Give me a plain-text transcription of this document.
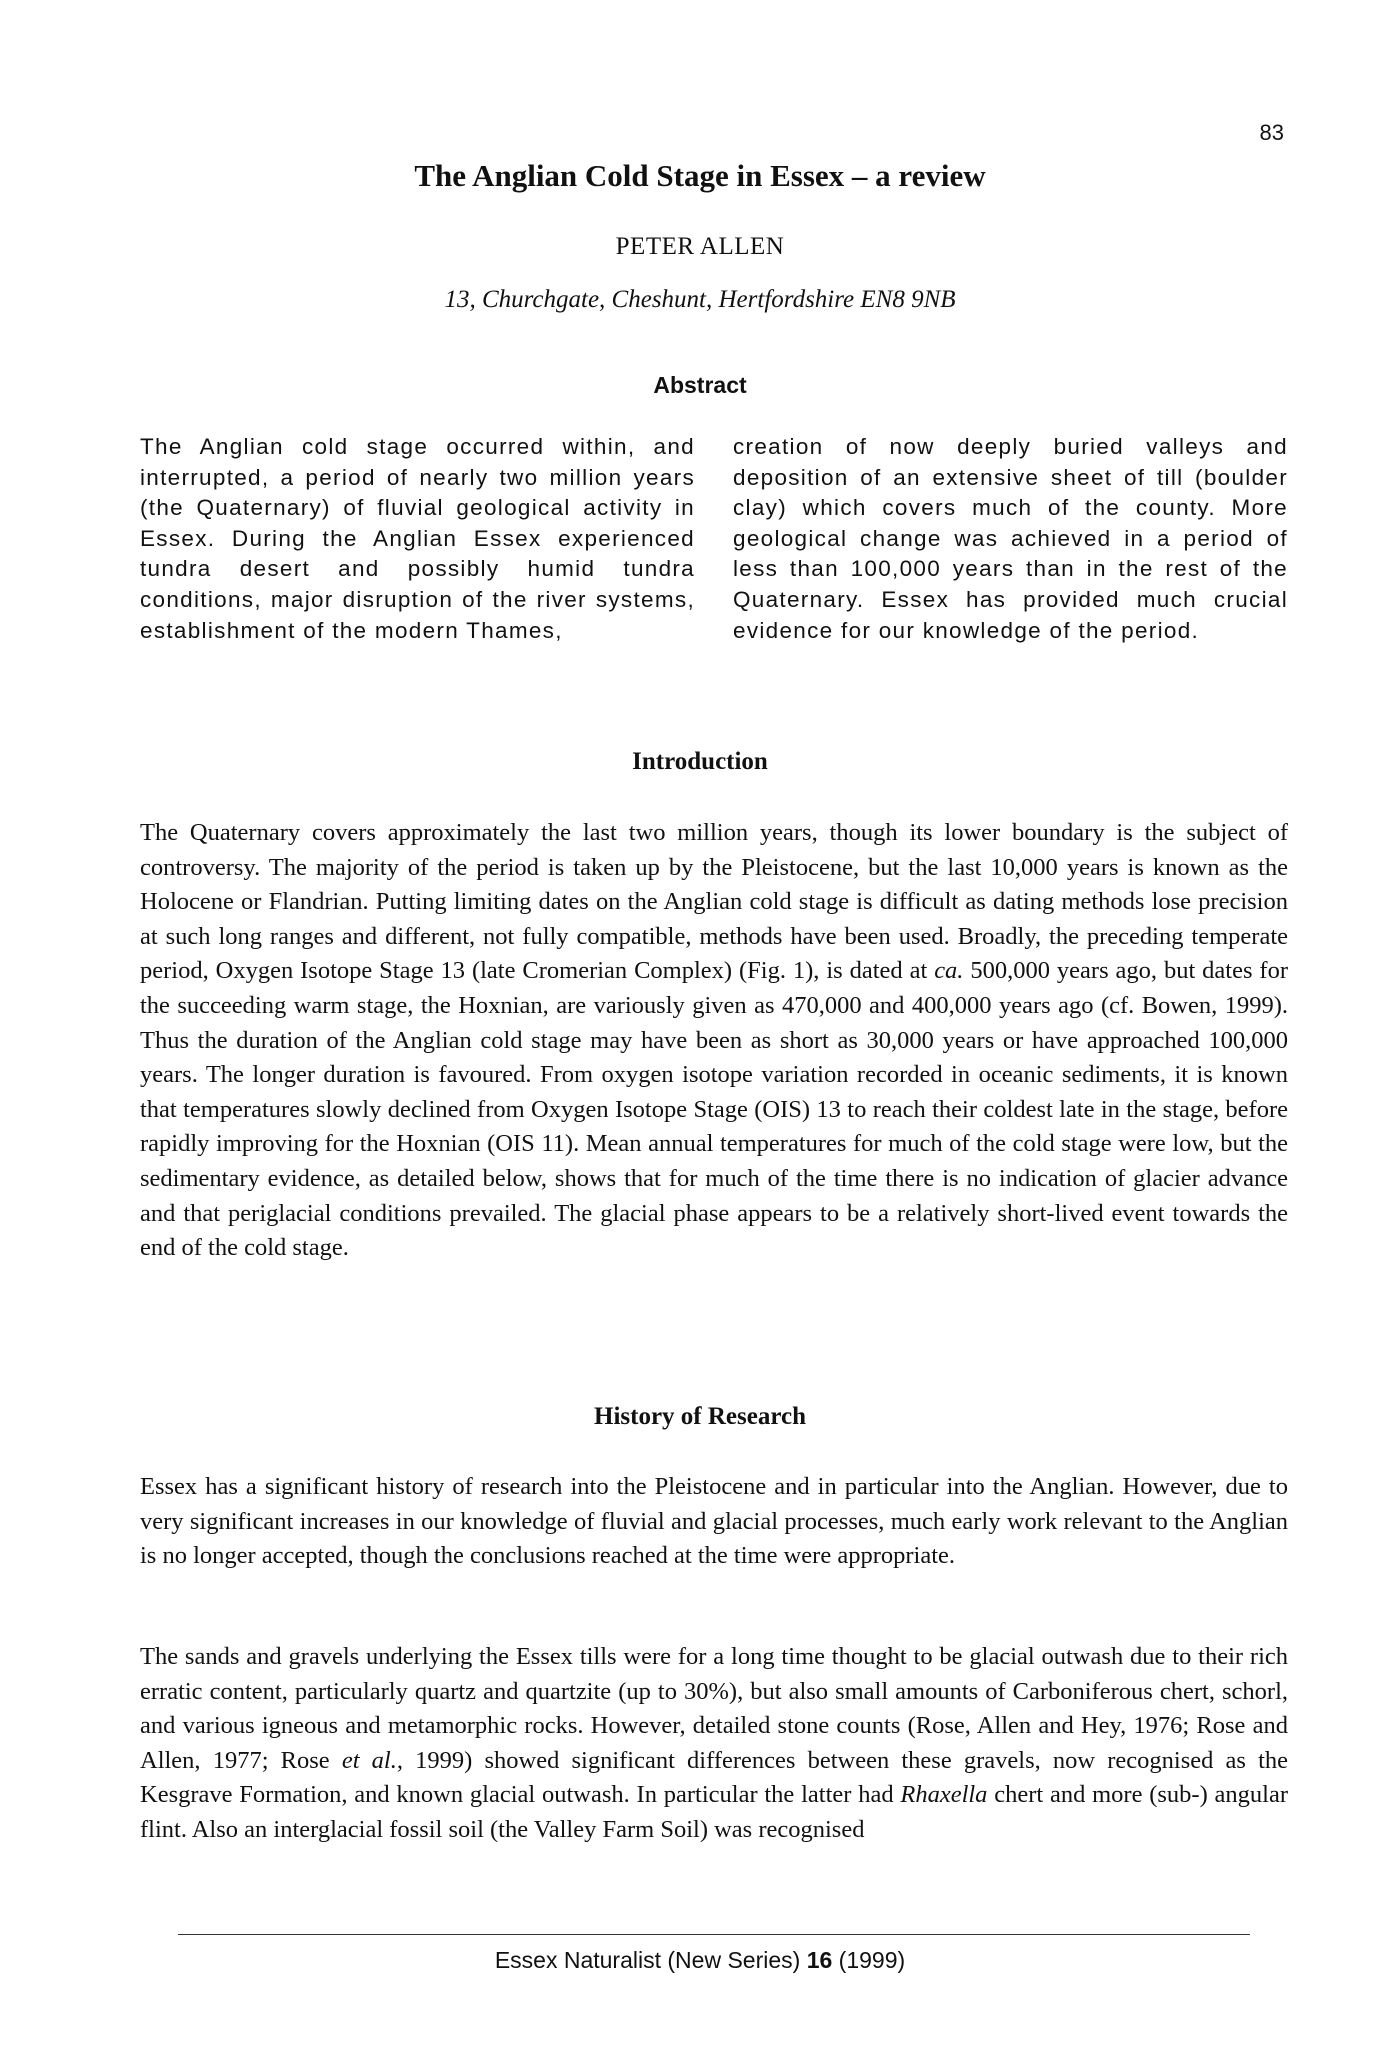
83
The Anglian Cold Stage in Essex – a review
PETER ALLEN
13, Churchgate, Cheshunt, Hertfordshire EN8 9NB
Abstract

The Anglian cold stage occurred within, and interrupted, a period of nearly two million years (the Quaternary) of fluvial geological activity in Essex. During the Anglian Essex experienced tundra desert and possibly humid tundra conditions, major disruption of the river systems, establishment of the modern Thames,

creation of now deeply buried valleys and deposition of an extensive sheet of till (boulder clay) which covers much of the county. More geological change was achieved in a period of less than 100,000 years than in the rest of the Quaternary. Essex has provided much crucial evidence for our knowledge of the period.

Introduction

The Quaternary covers approximately the last two million years, though its lower boundary is the subject of controversy. The majority of the period is taken up by the Pleistocene, but the last 10,000 years is known as the Holocene or Flandrian. Putting limiting dates on the Anglian cold stage is difficult as dating methods lose precision at such long ranges and different, not fully compatible, methods have been used. Broadly, the preceding temperate period, Oxygen Isotope Stage 13 (late Cromerian Complex) (Fig. 1), is dated at ca. 500,000 years ago, but dates for the succeeding warm stage, the Hoxnian, are variously given as 470,000 and 400,000 years ago (cf. Bowen, 1999). Thus the duration of the Anglian cold stage may have been as short as 30,000 years or have approached 100,000 years. The longer duration is favoured. From oxygen isotope variation recorded in oceanic sediments, it is known that temperatures slowly declined from Oxygen Isotope Stage (OIS) 13 to reach their coldest late in the stage, before rapidly improving for the Hoxnian (OIS 11). Mean annual temperatures for much of the cold stage were low, but the sedimentary evidence, as detailed below, shows that for much of the time there is no indication of glacier advance and that periglacial conditions prevailed. The glacial phase appears to be a relatively short-lived event towards the end of the cold stage.

History of Research

Essex has a significant history of research into the Pleistocene and in particular into the Anglian. However, due to very significant increases in our knowledge of fluvial and glacial processes, much early work relevant to the Anglian is no longer accepted, though the conclusions reached at the time were appropriate.

The sands and gravels underlying the Essex tills were for a long time thought to be glacial outwash due to their rich erratic content, particularly quartz and quartzite (up to 30%), but also small amounts of Carboniferous chert, schorl, and various igneous and metamorphic rocks. However, detailed stone counts (Rose, Allen and Hey, 1976; Rose and Allen, 1977; Rose et al., 1999) showed significant differences between these gravels, now recognised as the Kesgrave Formation, and known glacial outwash. In particular the latter had Rhaxella chert and more (sub-) angular flint. Also an interglacial fossil soil (the Valley Farm Soil) was recognised

Essex Naturalist (New Series) 16 (1999)
